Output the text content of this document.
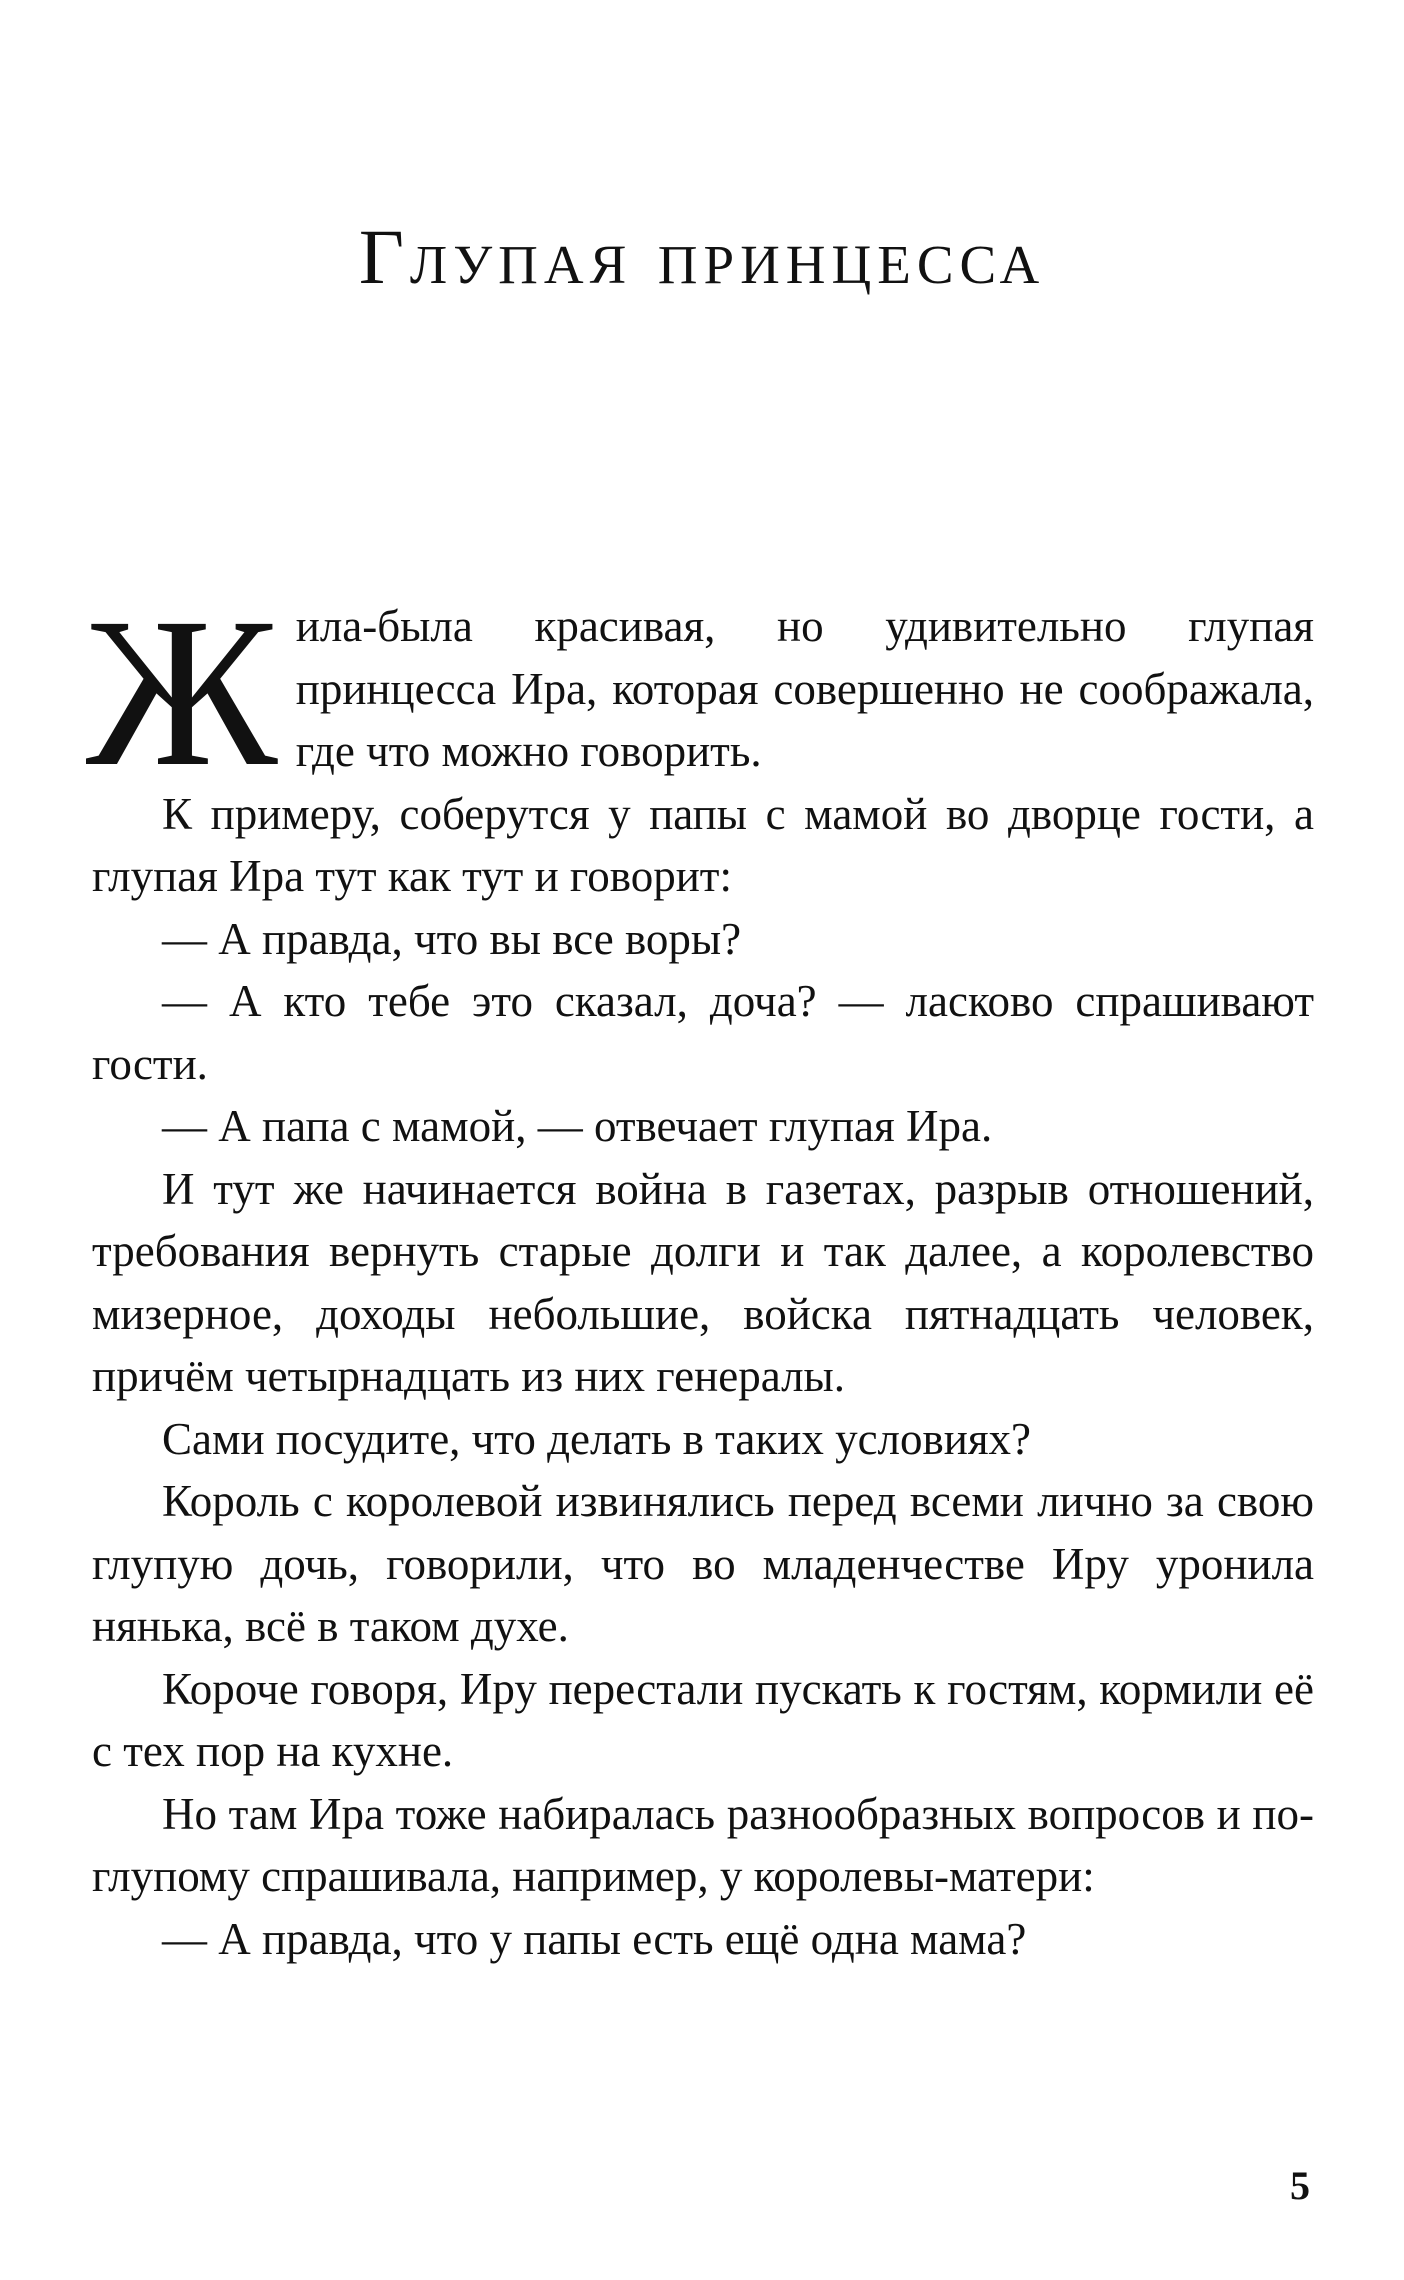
Глупая принцесса

Жила-была красивая, но удивительно глупая принцесса Ира, которая совершенно не соображала, где что можно говорить.

К примеру, соберутся у папы с мамой во дворце гости, а глупая Ира тут как тут и говорит:

— А правда, что вы все воры?

— А кто тебе это сказал, доча? — ласково спрашивают гости.

— А папа с мамой, — отвечает глупая Ира.

И тут же начинается война в газетах, разрыв отношений, требования вернуть старые долги и так далее, а королевство мизерное, доходы небольшие, войска пятнадцать человек, причём четырнадцать из них генералы.

Сами посудите, что делать в таких условиях?

Король с королевой извинялись перед всеми лично за свою глупую дочь, говорили, что во младенчестве Иру уронила нянька, всё в таком духе.

Короче говоря, Иру перестали пускать к гостям, кормили её с тех пор на кухне.

Но там Ира тоже набиралась разнообразных вопросов и по-глупому спрашивала, например, у королевы-матери:

— А правда, что у папы есть ещё одна мама?

5
